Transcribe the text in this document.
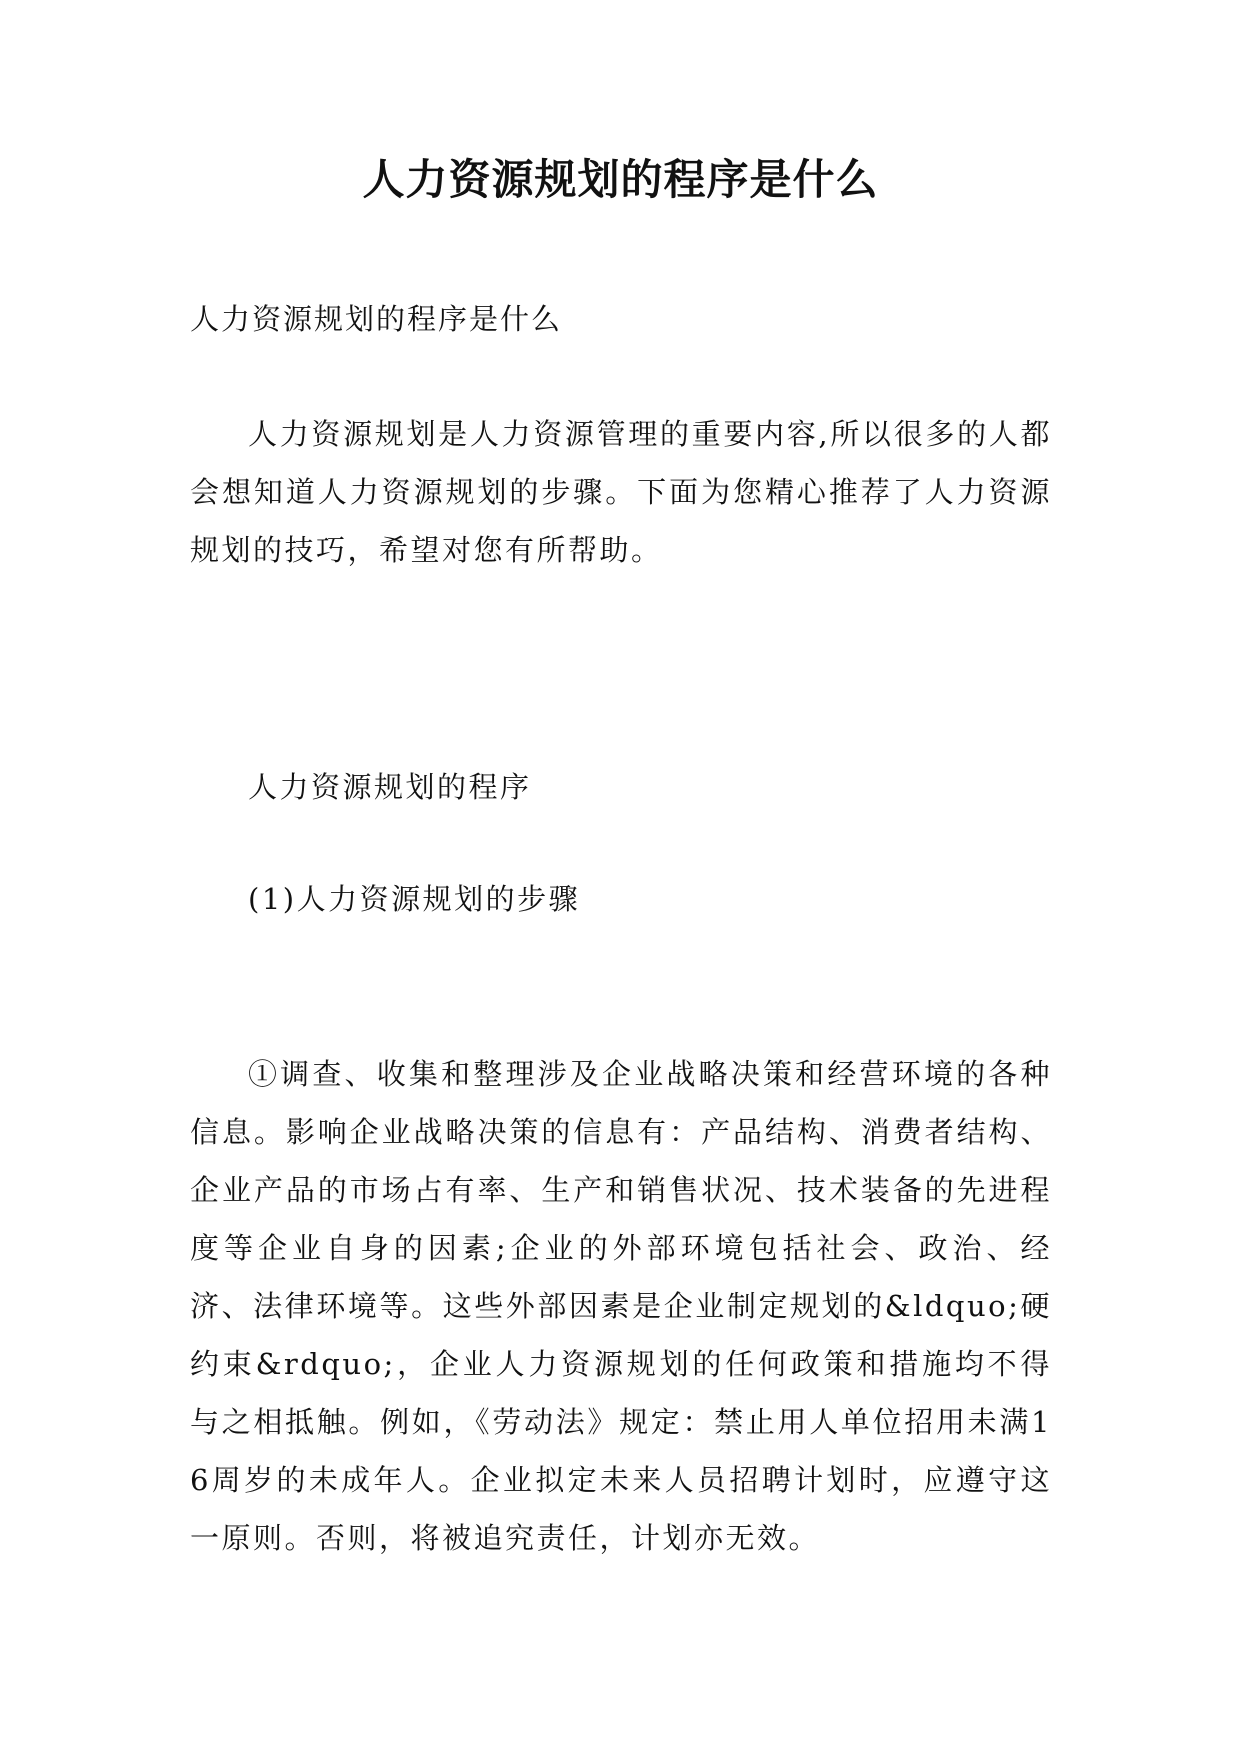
人力资源规划的程序是什么

人力资源规划的程序是什么

人力资源规划是人力资源管理的重要内容,所以很多的人都会想知道人力资源规划的步骤。下面为您精心推荐了人力资源规划的技巧，希望对您有所帮助。

人力资源规划的程序

(1)人力资源规划的步骤

①调查、收集和整理涉及企业战略决策和经营环境的各种信息。影响企业战略决策的信息有：产品结构、消费者结构、企业产品的市场占有率、生产和销售状况、技术装备的先进程度等企业自身的因素;企业的外部环境包括社会、政治、经济、法律环境等。这些外部因素是企业制定规划的&ldquo;硬约束&rdquo;，企业人力资源规划的任何政策和措施均不得与之相抵触。例如，《劳动法》规定：禁止用人单位招用未满16周岁的未成年人。企业拟定未来人员招聘计划时，应遵守这一原则。否则，将被追究责任，计划亦无效。
